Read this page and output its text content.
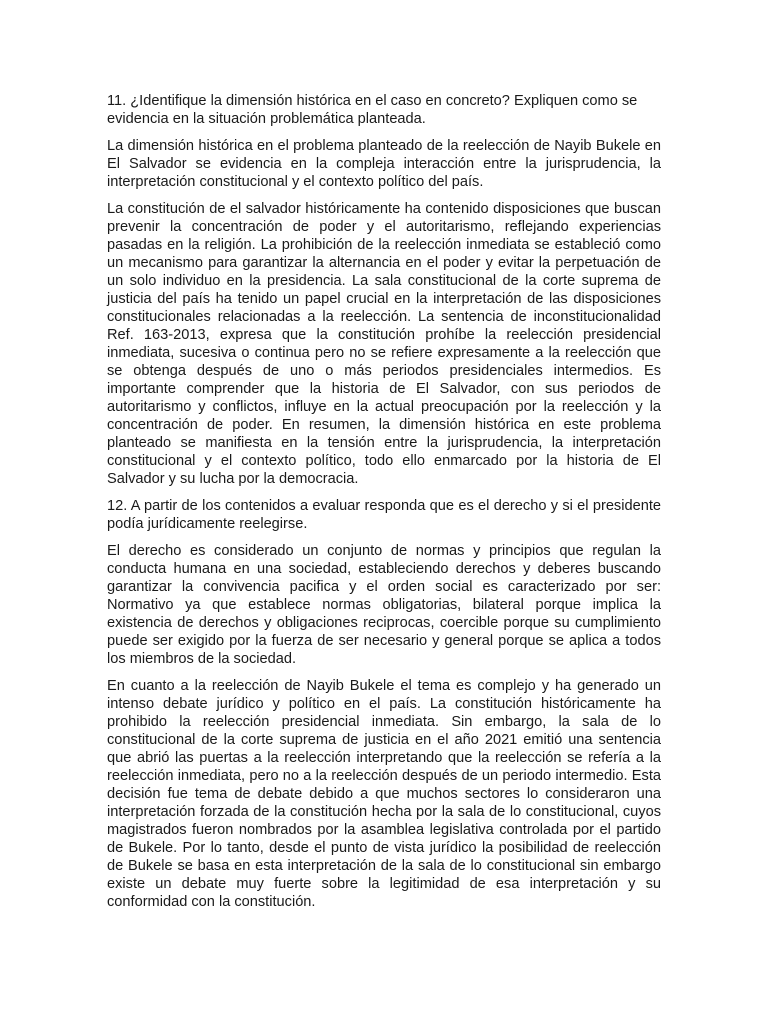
11. ¿Identifique la dimensión histórica en el caso en concreto? Expliquen como se evidencia en la situación problemática planteada.

La dimensión histórica en el problema planteado de la reelección de Nayib Bukele en El Salvador se evidencia en la compleja interacción entre la jurisprudencia, la interpretación constitucional y el contexto político del país.

La constitución de el salvador históricamente ha contenido disposiciones que buscan prevenir la concentración de poder y el autoritarismo, reflejando experiencias pasadas en la religión. La prohibición de la reelección inmediata se estableció como un mecanismo para garantizar la alternancia en el poder y evitar la perpetuación de un solo individuo en la presidencia. La sala constitucional de la corte suprema de justicia del país ha tenido un papel crucial en la interpretación de las disposiciones constitucionales relacionadas a la reelección. La sentencia de inconstitucionalidad Ref. 163-2013, expresa que la constitución prohíbe la reelección presidencial inmediata, sucesiva o continua pero no se refiere expresamente a la reelección que se obtenga después de uno o más periodos presidenciales intermedios. Es importante comprender que la historia de El Salvador, con sus periodos de autoritarismo y conflictos, influye en la actual preocupación por la reelección y la concentración de poder. En resumen, la dimensión histórica en este problema planteado se manifiesta en la tensión entre la jurisprudencia, la interpretación constitucional y el contexto político, todo ello enmarcado por la historia de El Salvador y su lucha por la democracia.

12. A partir de los contenidos a evaluar responda que es el derecho y si el presidente podía jurídicamente reelegirse.

El derecho es considerado un conjunto de normas y principios que regulan la conducta humana en una sociedad, estableciendo derechos y deberes buscando garantizar la convivencia pacifica y el orden social es caracterizado por ser: Normativo ya que establece normas obligatorias, bilateral porque implica la existencia de derechos y obligaciones reciprocas, coercible porque su cumplimiento puede ser exigido por la fuerza de ser necesario y general porque se aplica a todos los miembros de la sociedad.

En cuanto a la reelección de Nayib Bukele el tema es complejo y ha generado un intenso debate jurídico y político en el país. La constitución históricamente ha prohibido la reelección presidencial inmediata. Sin embargo, la sala de lo constitucional de la corte suprema de justicia en el año 2021 emitió una sentencia que abrió las puertas a la reelección interpretando que la reelección se refería a la reelección inmediata, pero no a la reelección después de un periodo intermedio. Esta decisión fue tema de debate debido a que muchos sectores lo consideraron una interpretación forzada de la constitución hecha por la sala de lo constitucional, cuyos magistrados fueron nombrados por la asamblea legislativa controlada por el partido de Bukele. Por lo tanto, desde el punto de vista jurídico la posibilidad de reelección de Bukele se basa en esta interpretación de la sala de lo constitucional sin embargo existe un debate muy fuerte sobre la legitimidad de esa interpretación y su conformidad con la constitución.
